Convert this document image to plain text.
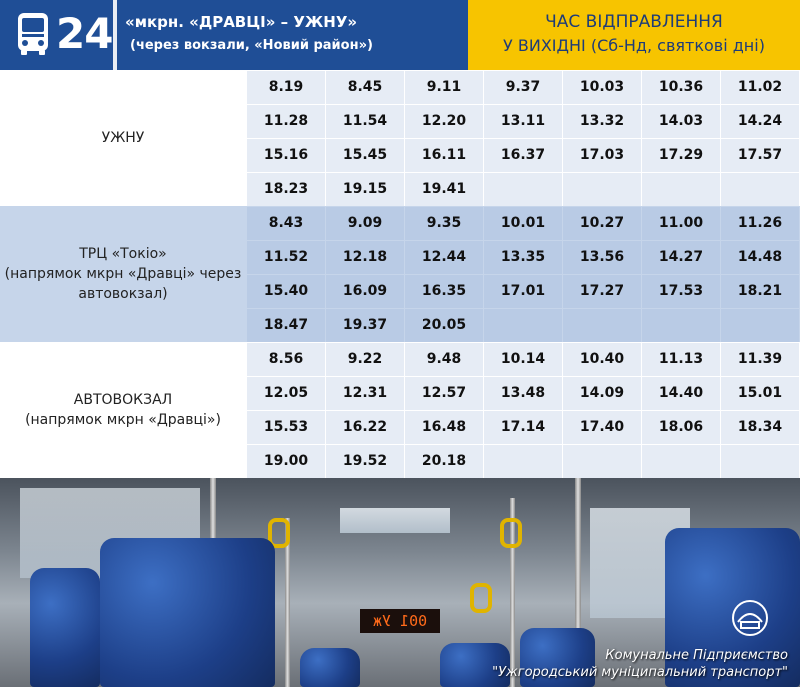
24 «мкрн. «ДРАВЦІ» – УЖНУ»
(через вокзали, «Новий район»)
ЧАС ВІДПРАВЛЕННЯ
У ВИХІДНІ (Сб-Нд, святкові дні)
УЖНУ
8.19	8.45	9.11	9.37	10.03	10.36	11.02
11.28	11.54	12.20	13.11	13.32	14.03	14.24
15.16	15.45	16.11	16.37	17.03	17.29	17.57
18.23	19.15	19.41
ТРЦ «Токіо»
(напрямок мкрн «Дравці» через
автовокзал)
8.43	9.09	9.35	10.01	10.27	11.00	11.26
11.52	12.18	12.44	13.35	13.56	14.27	14.48
15.40	16.09	16.35	17.01	17.27	17.53	18.21
18.47	19.37	20.05
АВТОВОКЗАЛ
(напрямок мкрн «Дравці»)
8.56	9.22	9.48	10.14	10.40	11.13	11.39
12.05	12.31	12.57	13.48	14.09	14.40	15.01
15.53	16.22	16.48	17.14	17.40	18.06	18.34
19.00	19.52	20.18
001 Уж
Комунальне Підприємство
"Ужгородський муніципальний транспорт"
